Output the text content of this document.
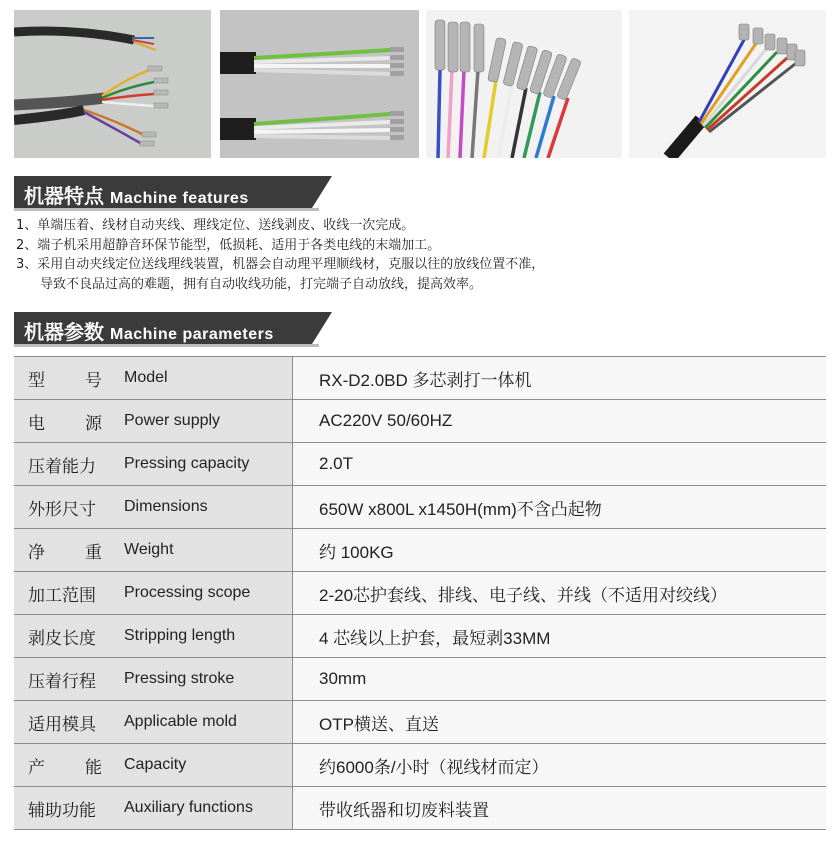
机器特点 Machine features
1、单端压着、线材自动夹线、理线定位、送线剥皮、收线一次完成。
2、端子机采用超静音环保节能型，低损耗、适用于各类电线的末端加工。
3、采用自动夹线定位送线理线装置，机器会自动理平理顺线材，克服以往的放线位置不准，
导致不良品过高的难题，拥有自动收线功能，打完端子自动放线，提高效率。
机器参数 Machine parameters
型 号	Model	RX-D2.0BD 多芯剥打一体机

电 源	Power supply	AC220V 50/60HZ
压着能力	Pressing capacity	2.0T
外形尺寸	Dimensions	650W x800L x1450H(mm)不含凸起物

净 重	Weight	约 100KG
加工范围	Processing scope	2-20芯护套线、排线、电子线、并线（不适用对绞线）
剥皮长度	Stripping length	4 芯线以上护套，最短剥33MM
压着行程	Pressing stroke	30mm
适用模具	Applicable mold	OTP横送、直送

产 能	Capacity	约6000条/小时（视线材而定）
辅助功能	Auxiliary functions	带收纸器和切废料装置
